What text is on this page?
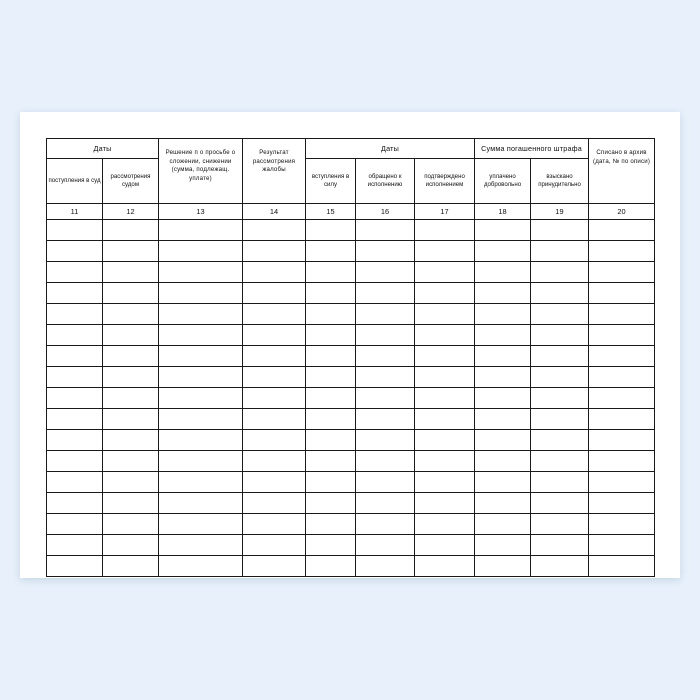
Даты		Решение п о просьбе о сложении, снижении (сумма, подлежащ. уплате)	Результат рассмотрения жалобы	Даты			Сумма погашенного штрафа		Списано в архив (дата, № по описи)

поступления в суд	рассмотрения судом			вступления в силу	обращено к исполнению	подтверждено исполнением	уплачено добровольно	взыскано принудительно	
11	12	13	14	15	16	17	18	19	20
